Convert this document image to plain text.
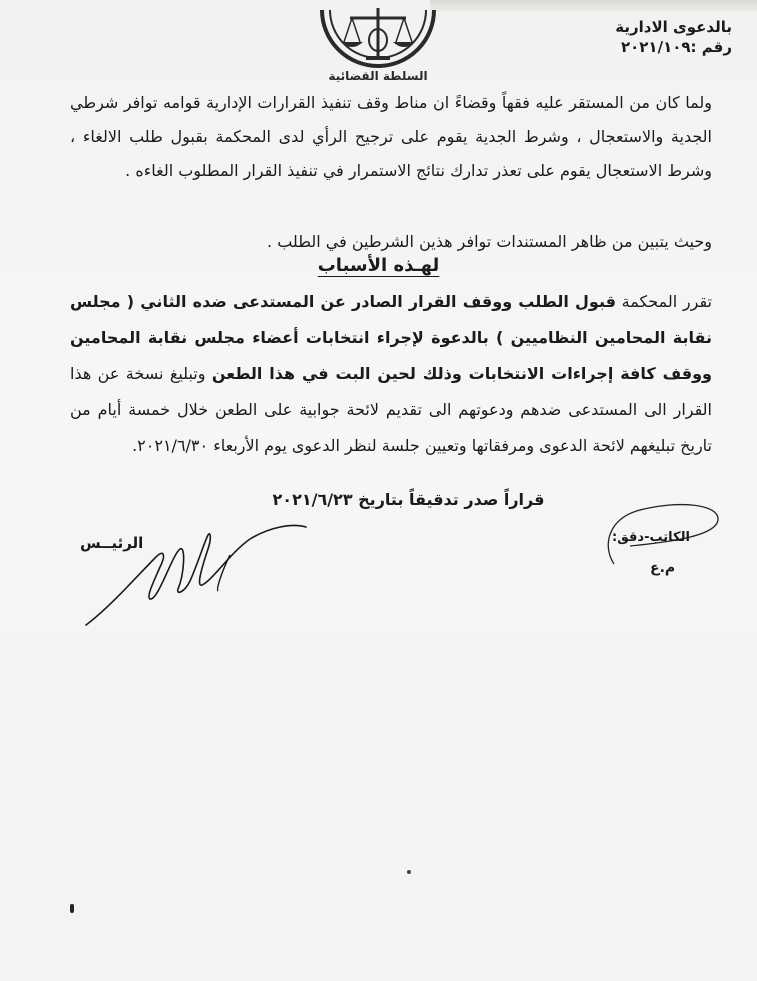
السلطة القضائية
بالدعوى الادارية
رقم :٢٠٢١/١٠٩
ولما كان من المستقر عليه فقهاً وقضاءً ان مناط وقف تنفيذ القرارات الإدارية قوامه توافر شرطي الجدية والاستعجال ، وشرط الجدية يقوم على ترجيح الرأي لدى المحكمة بقبول طلب الالغاء ، وشرط الاستعجال يقوم على تعذر تدارك نتائج الاستمرار في تنفيذ القرار المطلوب الغاءه .
وحيث يتبين من ظاهر المستندات توافر هذين الشرطين في الطلب .
لهـذه الأسباب
تقرر المحكمة قبول الطلب ووقف القرار الصادر عن المستدعى ضده الثاني ( مجلس نقابة المحامين النظاميين ) بالدعوة لإجراء انتخابات أعضاء مجلس نقابة المحامين ووقف كافة إجراءات الانتخابات وذلك لحين البت في هذا الطعن وتبليغ نسخة عن هذا القرار الى المستدعى ضدهم ودعوتهم الى تقديم لائحة جوابية على الطعن خلال خمسة أيام من تاريخ تبليغهم لائحة الدعوى ومرفقاتها وتعيين جلسة لنظر الدعوى يوم الأربعاء ٢٠٢١/٦/٣٠.
قراراً صدر تدقيقاً بتاريخ ٢٠٢١/٦/٢٣
الكاتب-دقق:
م.ع
الرئيــس
